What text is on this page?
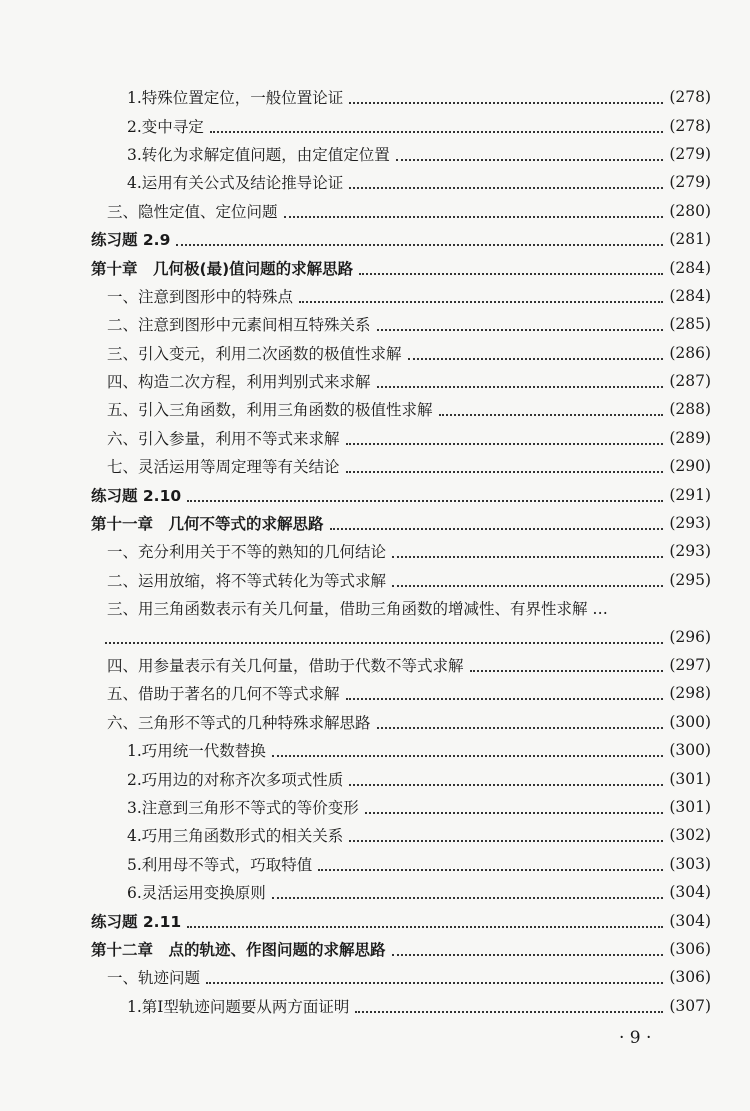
1.特殊位置定位，一般位置论证	(278)
2.变中寻定	(278)
3.转化为求解定值问题，由定值定位置	(279)
4.运用有关公式及结论推导论证	(279)
三、隐性定值、定位问题	(280)
练习题 2.9	(281)
第十章　几何极(最)值问题的求解思路	(284)
一、注意到图形中的特殊点	(284)
二、注意到图形中元素间相互特殊关系	(285)
三、引入变元，利用二次函数的极值性求解	(286)
四、构造二次方程，利用判别式来求解	(287)
五、引入三角函数，利用三角函数的极值性求解	(288)
六、引入参量，利用不等式来求解	(289)
七、灵活运用等周定理等有关结论	(290)
练习题 2.10	(291)
第十一章　几何不等式的求解思路	(293)
一、充分利用关于不等的熟知的几何结论	(293)
二、运用放缩，将不等式转化为等式求解	(295)
三、用三角函数表示有关几何量，借助三角函数的增减性、有界性求解 …
(296)
四、用参量表示有关几何量，借助于代数不等式求解	(297)
五、借助于著名的几何不等式求解	(298)
六、三角形不等式的几种特殊求解思路	(300)
1.巧用统一代数替换	(300)
2.巧用边的对称齐次多项式性质	(301)
3.注意到三角形不等式的等价变形	(301)
4.巧用三角函数形式的相关关系	(302)
5.利用母不等式，巧取特值	(303)
6.灵活运用变换原则	(304)
练习题 2.11	(304)
第十二章　点的轨迹、作图问题的求解思路	(306)
一、轨迹问题	(306)
1.第Ⅰ型轨迹问题要从两方面证明	(307)
· 9 ·
